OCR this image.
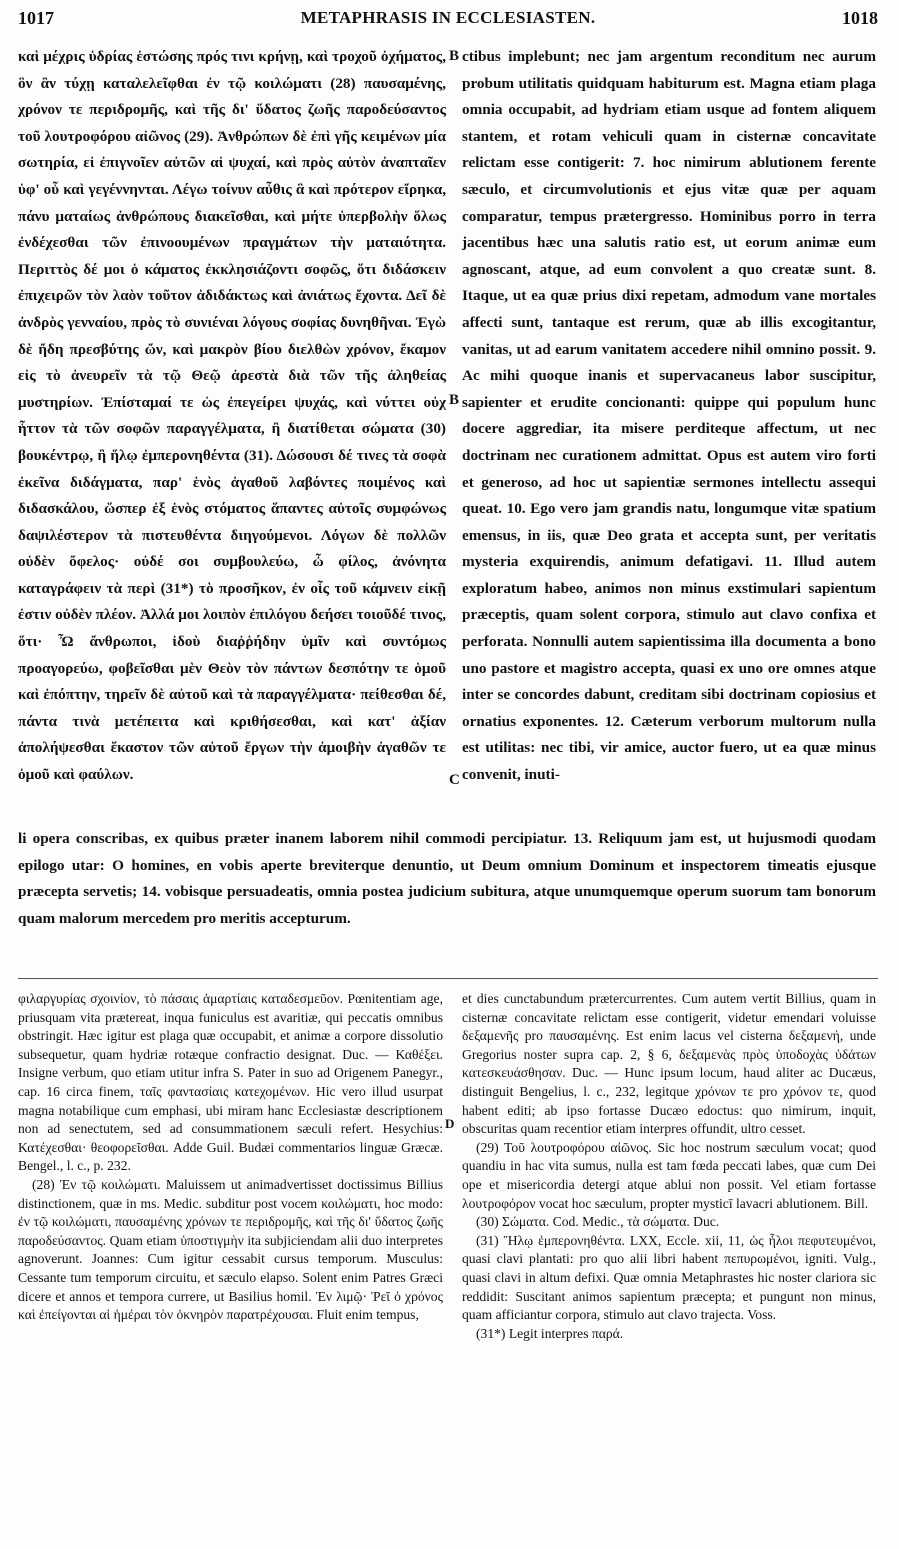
1017	METAPHRASIS IN ECCLESIASTEN.	1018
καὶ μέχρις ὑδρίας ἑστώσης πρός τινι κρήνῃ, καὶ τροχοῦ ὀχήματος, ὃν ἂν τύχῃ καταλελεῖφθαι ἐν τῷ κοιλώματι (28) παυσαμένης, χρόνον τε περιδρομῆς, καὶ τῆς δι' ὕδατος ζωῆς παροδεύσαντος τοῦ λουτροφόρου αἰῶνος (29). Ἀνθρώπων δὲ ἐπὶ γῆς κειμένων μία σωτηρία, εἰ ἐπιγνοῖεν αὐτῶν αἱ ψυχαί, καὶ πρὸς αὐτὸν ἀναπταῖεν ὑφ' οὗ καὶ γεγέννηνται. Λέγω τοίνυν αὖθις ἃ καὶ πρότερον εἴρηκα, πάνυ ματαίως ἀνθρώπους διακεῖσθαι, καὶ μήτε ὑπερβολὴν ὅλως ἐνδέχεσθαι τῶν ἐπινοουμένων πραγμάτων τὴν ματαιότητα. Περιττὸς δέ μοι ὁ κάματος ἐκκλησιάζοντι σοφῶς, ὅτι διδάσκειν ἐπιχειρῶν τὸν λαὸν τοῦτον ἀδιδάκτως καὶ ἀνιάτως ἔχοντα. Δεῖ δὲ ἀνδρὸς γενναίου, πρὸς τὸ συνιέναι λόγους σοφίας δυνηθῆναι. Ἐγὼ δὲ ἤδη πρεσβύτης ὤν, καὶ μακρὸν βίου διελθὼν χρόνον, ἔκαμον εἰς τὸ ἀνευρεῖν τὰ τῷ Θεῷ ἀρεστὰ διὰ τῶν τῆς ἀληθείας μυστηρίων. Ἐπίσταμαί τε ὡς ἐπεγείρει ψυχάς, καὶ νύττει οὐχ ἧττον τὰ τῶν σοφῶν παραγγέλματα, ἢ διατίθεται σώματα (30) βουκέντρῳ, ἢ ἥλῳ ἐμπερονηθέντα (31). Δώσουσι δέ τινες τὰ σοφὰ ἐκεῖνα διδάγματα, παρ' ἑνὸς ἀγαθοῦ λαβόντες ποιμένος καὶ διδασκάλου, ὥσπερ ἐξ ἑνὸς στόματος ἅπαντες αὐτοῖς συμφώνως δαψιλέστερον τὰ πιστευθέντα διηγούμενοι. Λόγων δὲ πολλῶν οὐδὲν ὄφελος· οὐδέ σοι συμβουλεύω, ὦ φίλος, ἀνόνητα καταγράφειν τὰ περὶ (31*) τὸ προσῆκον, ἐν οἷς τοῦ κάμνειν εἰκῇ ἐστιν οὐδὲν πλέον. Ἀλλά μοι λοιπὸν ἐπιλόγου δεήσει τοιοῦδέ τινος, ὅτι· Ὦ ἄνθρωποι, ἰδοὺ διαῤῥήδην ὑμῖν καὶ συντόμως προαγορεύω, φοβεῖσθαι μὲν Θεὸν τὸν πάντων δεσπότην τε ὁμοῦ καὶ ἐπόπτην, τηρεῖν δὲ αὐτοῦ καὶ τὰ παραγγέλματα· πείθεσθαι δέ, πάντα τινὰ μετέπειτα καὶ κριθήσεσθαι, καὶ κατ' ἀξίαν ἀπολήψεσθαι ἕκαστον τῶν αὐτοῦ ἔργων τὴν ἀμοιβὴν ἀγαθῶν τε ὁμοῦ καὶ φαύλων.
ctibus implebunt; nec jam argentum reconditum nec aurum probum utilitatis quidquam habiturum est. Magna etiam plaga omnia occupabit, ad hydriam etiam usque ad fontem aliquem stantem, et rotam vehiculi quam in cisternæ concavitate relictam esse contigerit: 7. hoc nimirum ablutionem ferente sæculo, et circumvolutionis et ejus vitæ quæ per aquam comparatur, tempus prætergresso. Hominibus porro in terra jacentibus hæc una salutis ratio est, ut eorum animæ eum agnoscant, atque, ad eum convolent a quo creatæ sunt. 8. Itaque, ut ea quæ prius dixi repetam, admodum vane mortales affecti sunt, tantaque est rerum, quæ ab illis excogitantur, vanitas, ut ad earum vanitatem accedere nihil omnino possit. 9. Ac mihi quoque inanis et supervacaneus labor suscipitur, sapienter et erudite concionanti: quippe qui populum hunc docere aggrediar, ita misere perditeque affectum, ut nec doctrinam nec curationem admittat. Opus est autem viro forti et generoso, ad hoc ut sapientiæ sermones intellectu assequi queat. 10. Ego vero jam grandis natu, longumque vitæ spatium emensus, in iis, quæ Deo grata et accepta sunt, per veritatis mysteria exquirendis, animum defatigavi. 11. Illud autem exploratum habeo, animos non minus exstimulari sapientum præceptis, quam solent corpora, stimulo aut clavo confixa et perforata. Nonnulli autem sapientissima illa documenta a bono uno pastore et magistro accepta, quasi ex uno ore omnes atque inter se concordes dabunt, creditam sibi doctrinam copiosius et ornatius exponentes. 12. Cæterum verborum multorum nulla est utilitas: nec tibi, vir amice, auctor fuero, ut ea quæ minus convenit, inuti-
B
B
C
li opera conscribas, ex quibus præter inanem laborem nihil commodi percipiatur. 13. Reliquum jam est, ut hujusmodi quodam epilogo utar: O homines, en vobis aperte breviterque denuntio, ut Deum omnium Dominum et inspectorem timeatis ejusque præcepta servetis; 14. vobisque persuadeatis, omnia postea judicium subitura, atque unumquemque operum suorum tam bonorum quam malorum mercedem pro meritis accepturum.

φιλαργυρίας σχοινίον, τὸ πάσαις ἁμαρτίαις καταδεσμεῦον. Pœnitentiam age, priusquam vita prætereat, inqua funiculus est avaritiæ, qui peccatis omnibus obstringit. Hæc igitur est plaga quæ occupabit, et animæ a corpore dissolutio subsequetur, quam hydriæ rotæque confractio designat. Duc. — Καθέξει. Insigne verbum, quo etiam utitur infra S. Pater in suo ad Origenem Panegyr., cap. 16 circa finem, ταῖς φαντασίαις κατεχομένων. Hic vero illud usurpat magna notabilique cum emphasi, ubi miram hanc Ecclesiastæ descriptionem non ad senectutem, sed ad consummationem sæculi refert. Hesychius: Κατέχεσθαι· θεοφορεῖσθαι. Adde Guil. Budæi commentarios linguæ Græcæ. Bengel., l. c., p. 232.

(28) Ἐν τῷ κοιλώματι. Maluissem ut animadvertisset doctissimus Billius distinctionem, quæ in ms. Medic. subditur post vocem κοιλώματι, hoc modo: ἐν τῷ κοιλώματι, παυσαμένης χρόνων τε περιδρομῆς, καὶ τῆς δι' ὕδατος ζωῆς παροδεύσαντος. Quam etiam ὑποστιγμὴν ita subjiciendam alii duo interpretes agnoverunt. Joannes: Cum igitur cessabit cursus temporum. Musculus: Cessante tum temporum circuitu, et sæculo elapso. Solent enim Patres Græci dicere et annos et tempora currere, ut Basilius homil. Ἐν λιμῷ· Ῥεῖ ὁ χρόνος καὶ ἐπείγονται αἱ ἡμέραι τὸν ὀκνηρὸν παρατρέχουσαι. Fluit enim tempus,

D

et dies cunctabundum prætercurrentes. Cum autem vertit Billius, quam in cisternæ concavitate relictam esse contigerit, videtur emendari voluisse δεξαμενῆς pro παυσαμένης. Est enim lacus vel cisterna δεξαμενή, unde Gregorius noster supra cap. 2, § 6, δεξαμενὰς πρὸς ὑποδοχὰς ὑδάτων κατεσκευάσθησαν. Duc. — Hunc ipsum locum, haud aliter ac Ducæus, distinguit Bengelius, l. c., 232, legitque χρόνων τε pro χρόνον τε, quod habent editi; ab ipso fortasse Ducæo edoctus: quo nimirum, inquit, obscuritas quam recentior etiam interpres offundit, ultro cesset.

(29) Τοῦ λουτροφόρου αἰῶνος. Sic hoc nostrum sæculum vocat; quod quandiu in hac vita sumus, nulla est tam fœda peccati labes, quæ cum Dei ope et misericordia detergi atque ablui non possit. Vel etiam fortasse λουτροφόρον vocat hoc sæculum, propter mysticī lavacri ablutionem. Bill.

(30) Σώματα. Cod. Medic., τὰ σώματα. Duc.

(31) Ἥλῳ ἐμπερονηθέντα. LXX, Eccle. xii, 11, ὡς ἧλοι πεφυτευμένοι, quasi clavi plantati: pro quo alii libri habent πεπυρωμένοι, igniti. Vulg., quasi clavi in altum defixi. Quæ omnia Metaphrastes hic noster clariora sic reddidit: Suscitant animos sapientum præcepta; et pungunt non minus, quam afficiantur corpora, stimulo aut clavo trajecta. Voss.

(31*) Legit interpres παρά.
